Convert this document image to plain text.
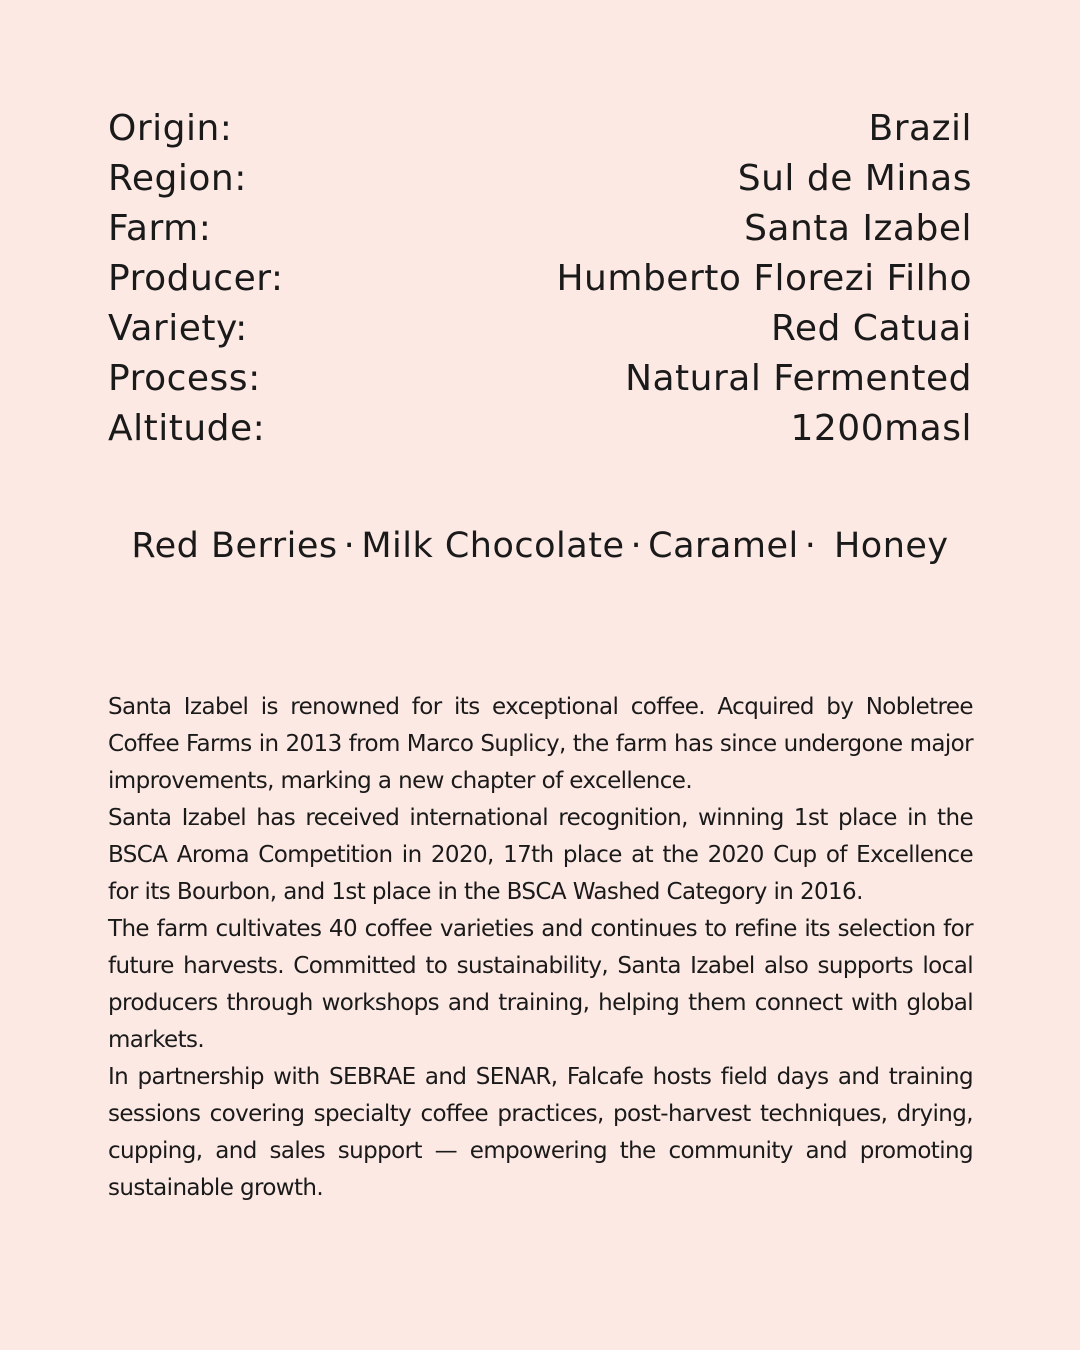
Origin:	Brazil
Region:	Sul de Minas
Farm:	Santa Izabel
Producer:	Humberto Florezi Filho
Variety:	Red Catuai
Process:	Natural Fermented
Altitude:	1200masl
Red Berries · Milk Chocolate · Caramel · Honey

Santa Izabel is renowned for its exceptional coffee. Acquired by Nobletree Coffee Farms in 2013 from Marco Suplicy, the farm has since undergone major improvements, marking a new chapter of excellence.

Santa Izabel has received international recognition, winning 1st place in the BSCA Aroma Competition in 2020, 17th place at the 2020 Cup of Excellence for its Bourbon, and 1st place in the BSCA Washed Category in 2016.

The farm cultivates 40 coffee varieties and continues to refine its selection for future harvests. Committed to sustainability, Santa Izabel also supports local producers through workshops and training, helping them connect with global markets.

In partnership with SEBRAE and SENAR, Falcafe hosts field days and training sessions covering specialty coffee practices, post-harvest techniques, drying, cupping, and sales support — empowering the community and promoting sustainable growth.
